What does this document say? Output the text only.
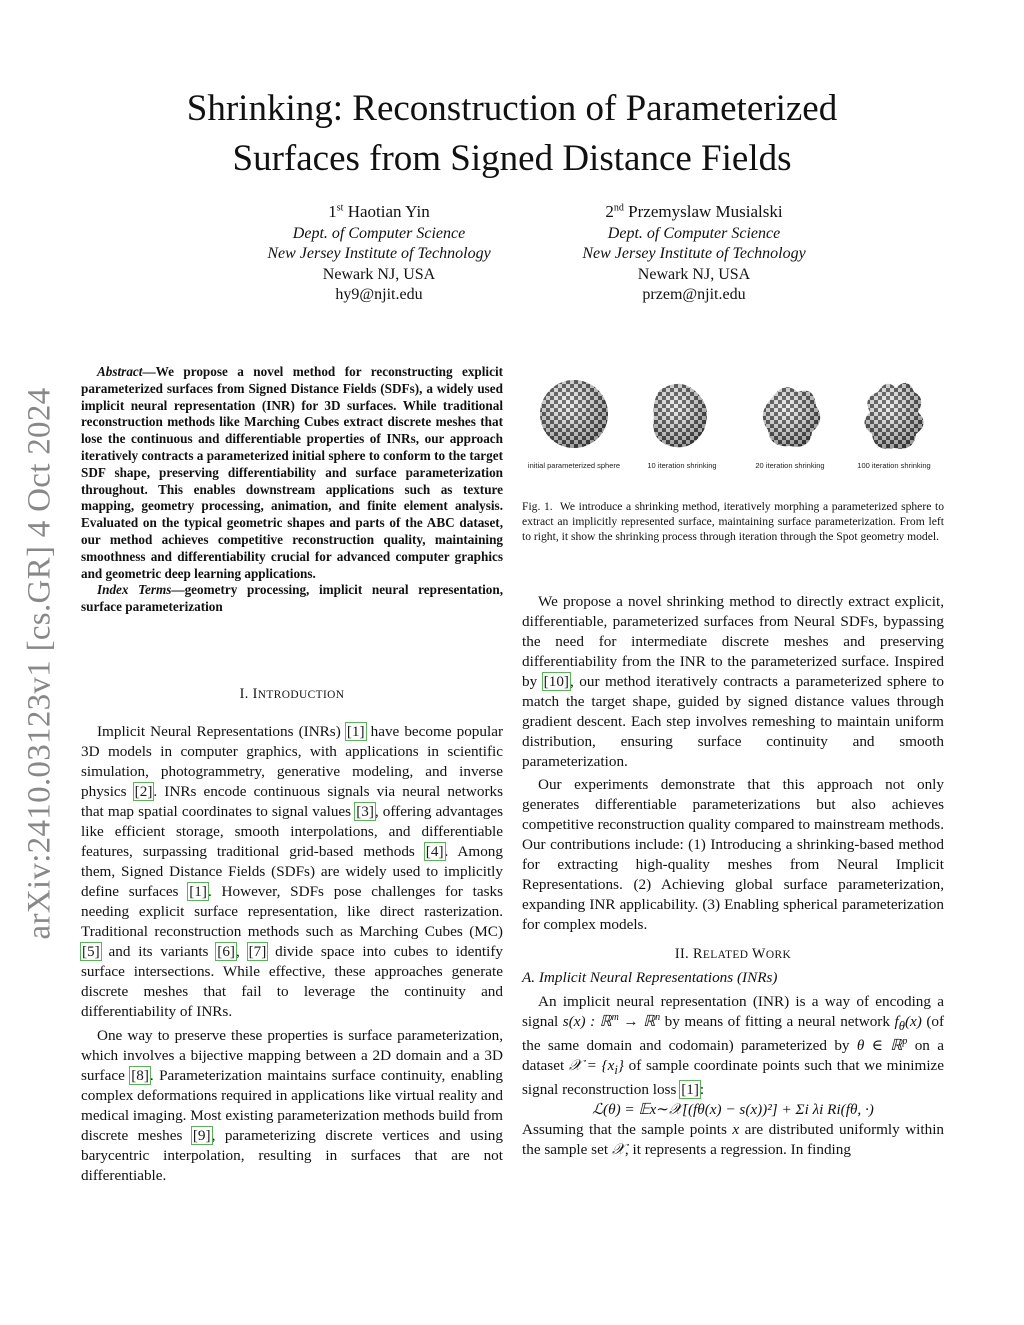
arXiv:2410.03123v1 [cs.GR] 4 Oct 2024
Shrinking: Reconstruction of Parameterized
Surfaces from Signed Distance Fields
1st Haotian Yin
Dept. of Computer Science
New Jersey Institute of Technology
Newark NJ, USA
hy9@njit.edu
2nd Przemyslaw Musialski
Dept. of Computer Science
New Jersey Institute of Technology
Newark NJ, USA
przem@njit.edu

Abstract—We propose a novel method for reconstructing explicit parameterized surfaces from Signed Distance Fields (SDFs), a widely used implicit neural representation (INR) for 3D surfaces. While traditional reconstruction methods like Marching Cubes extract discrete meshes that lose the continuous and differentiable properties of INRs, our approach iteratively contracts a parameterized initial sphere to conform to the target SDF shape, preserving differentiability and surface parameterization throughout. This enables downstream applications such as texture mapping, geometry processing, animation, and finite element analysis. Evaluated on the typical geometric shapes and parts of the ABC dataset, our method achieves competitive reconstruction quality, maintaining smoothness and differentiability crucial for advanced computer graphics and geometric deep learning applications.

Index Terms—geometry processing, implicit neural representation, surface parameterization

I. INTRODUCTION

Implicit Neural Representations (INRs) [1] have become popular 3D models in computer graphics, with applications in scientific simulation, photogrammetry, generative modeling, and inverse physics [2]. INRs encode continuous signals via neural networks that map spatial coordinates to signal values [3], offering advantages like efficient storage, smooth interpolations, and differentiable features, surpassing traditional grid-based methods [4]. Among them, Signed Distance Fields (SDFs) are widely used to implicitly define surfaces [1]. However, SDFs pose challenges for tasks needing explicit surface representation, like direct rasterization. Traditional reconstruction methods such as Marching Cubes (MC) [5] and its variants [6], [7] divide space into cubes to identify surface intersections. While effective, these approaches generate discrete meshes that fail to leverage the continuity and differentiability of INRs.

One way to preserve these properties is surface parameterization, which involves a bijective mapping between a 2D domain and a 3D surface [8]. Parameterization maintains surface continuity, enabling complex deformations required in applications like virtual reality and medical imaging. Most existing parameterization methods build from discrete meshes [9], parameterizing discrete vertices and using barycentric interpolation, resulting in surfaces that are not differentiable.

initial parameterized sphere	10 iteration shrinking	20 iteration shrinking	100 iteration shrinking
Fig. 1. We introduce a shrinking method, iteratively morphing a parameterized sphere to extract an implicitly represented surface, maintaining surface parameterization. From left to right, it show the shrinking process through iteration through the Spot geometry model.

We propose a novel shrinking method to directly extract explicit, differentiable, parameterized surfaces from Neural SDFs, bypassing the need for intermediate discrete meshes and preserving differentiability from the INR to the parameterized surface. Inspired by [10], our method iteratively contracts a parameterized sphere to match the target shape, guided by signed distance values through gradient descent. Each step involves remeshing to maintain uniform distribution, ensuring surface continuity and smooth parameterization.

Our experiments demonstrate that this approach not only generates differentiable parameterizations but also achieves competitive reconstruction quality compared to mainstream methods. Our contributions include: (1) Introducing a shrinking-based method for extracting high-quality meshes from Neural Implicit Representations. (2) Achieving global surface parameterization, expanding INR applicability. (3) Enabling spherical parameterization for complex models.

II. RELATED WORK

A. Implicit Neural Representations (INRs)

An implicit neural representation (INR) is a way of encoding a signal s(x) : ℝ$^m$ → ℝ$^n$ by means of fitting a neural network $f_\theta(x)$ (of the same domain and codomain) parameterized by θ ∈ ℝ$^p$ on a dataset 𝒳 = $\{x_i\}$ of sample coordinate points such that we minimize signal reconstruction loss [1]:

ℒ(θ) = 𝔼x∼𝒳[(fθ(x) − s(x))²] + Σi λi Ri(fθ, ·)

Assuming that the sample points x are distributed uniformly within the sample set 𝒳, it represents a regression. In finding
